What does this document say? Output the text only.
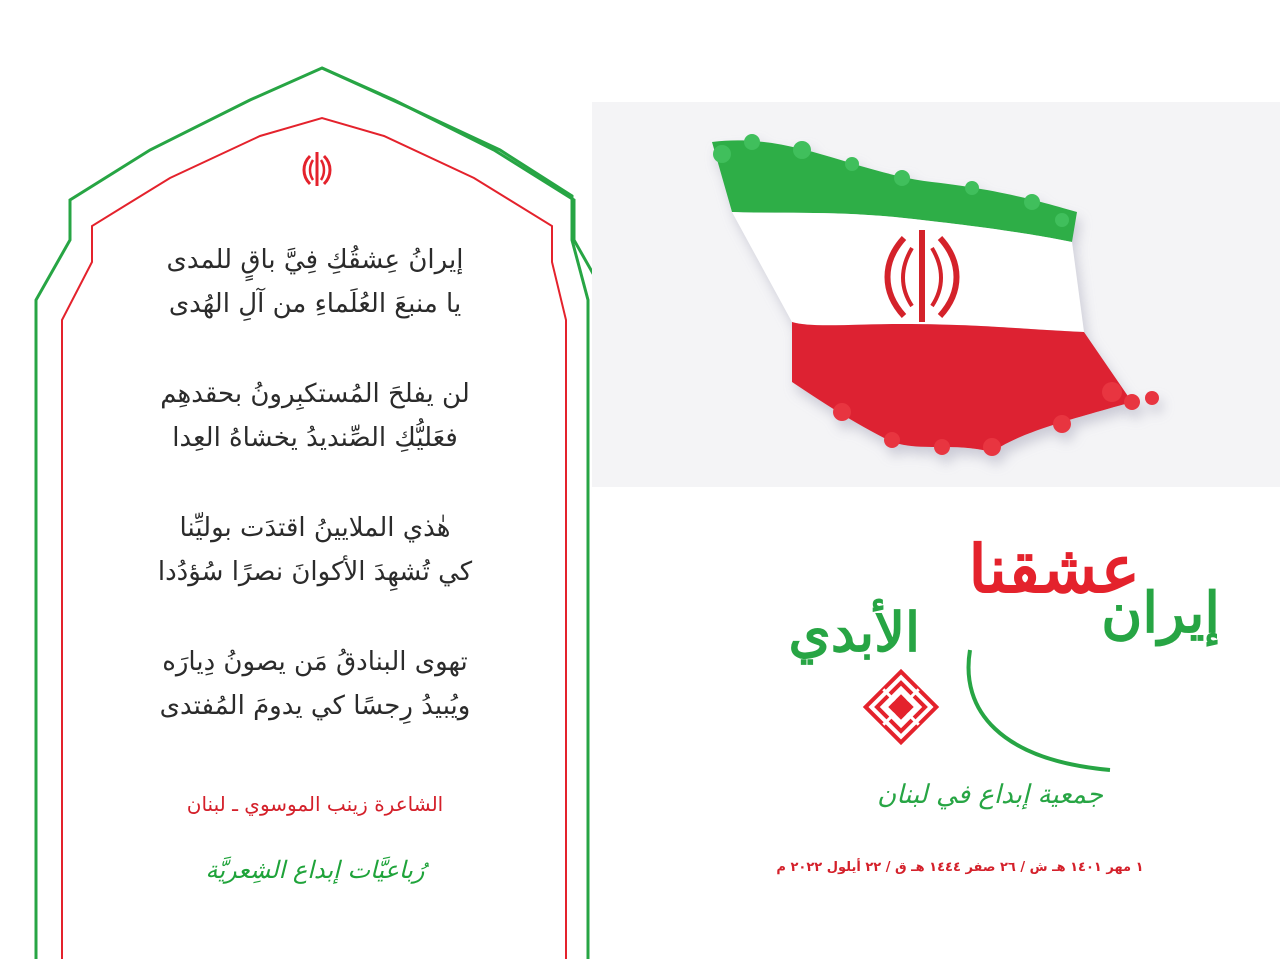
إيرانُ عِشقُكِ فِيَّ باقٍ للمدى
يا منبعَ العُلَماءِ من آلِ الهُدى
لن يفلحَ المُستكبِرونُ بحقدهِم
فعَليُّكِ الصِّنديدُ يخشاهُ العِدا
هٰذي الملايينُ اقتدَت بوليِّنا
كي تُشهِدَ الأكوانَ نصرًا سُؤدُدا
تهوى البنادقُ مَن يصونُ دِيارَه
ويُبيدُ رِجسًا كي يدومَ المُفتدى
الشاعرة زينب الموسوي ـ لبنان
رُباعيَّات إبداع الشِعريَّة
الأبدي
عشقنا
إيران
جمعية إبداع في لبنان
١ مهر ١٤٠١ هـ ش / ٢٦ صفر ١٤٤٤ هـ ق / ٢٢ أيلول ٢٠٢٢ م
